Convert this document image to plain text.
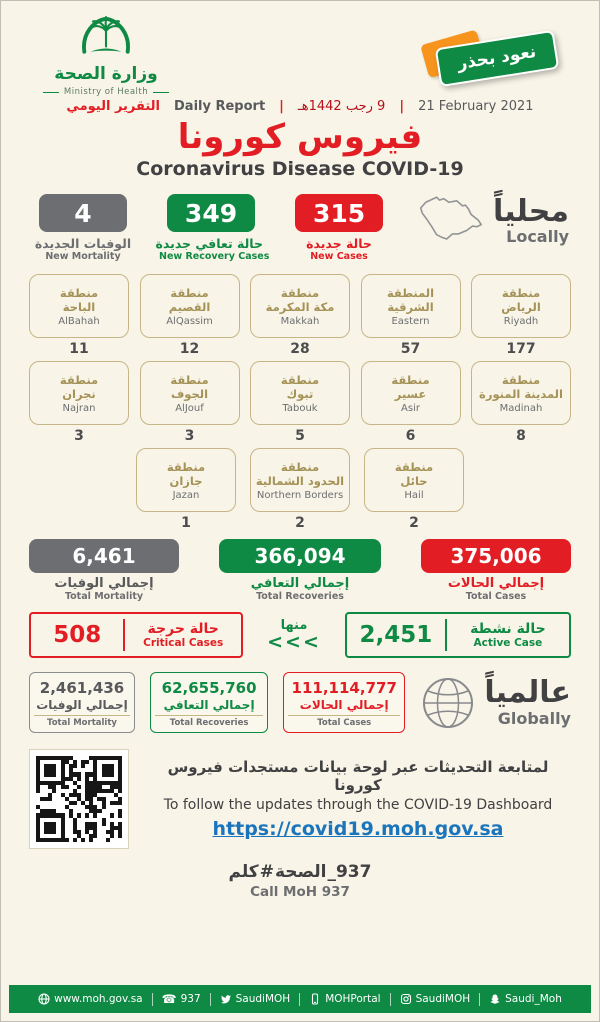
وزارة الصحة
Ministry of Health
نعود بحذر
التقرير اليومي Daily Report | 9 رجب 1442هـ | 21 February 2021
فيروس كورونا
Coronavirus Disease COVID-19
4
الوفيات الجديدة
New Mortality
349
حالة تعافي جديدة
New Recovery Cases
315
حالة جديدة
New Cases
محلياً
Locally
منطقة
الباحة
AlBahah
11
منطقة
القصيم
AlQassim
12
منطقة
مكة المكرمة
Makkah
28
المنطقة
الشرقية
Eastern
57
منطقة
الرياض
Riyadh
177
منطقة
نجران
Najran
3
منطقة
الجوف
AlJouf
3
منطقة
تبوك
Tabouk
5
منطقة
عسير
Asir
6
منطقة
المدينة المنورة
Madinah
8
منطقة
جازان
Jazan
1
منطقة
الحدود الشمالية
Northern Borders
2
منطقة
حائل
Hail
2
6,461
إجمالي الوفيات
Total Mortality
366,094
إجمالي التعافي
Total Recoveries
375,006
إجمالي الحالات
Total Cases
508	حالة حرجة
Critical Cases
منها
<<<	2,451	حالة نشطة
Active Case
2,461,436
إجمالي الوفيات
Total Mortality
62,655,760
إجمالي التعافي
Total Recoveries
111,114,777
إجمالي الحالات
Total Cases
عالمياً
Globally
لمتابعة التحديثات عبر لوحة بيانات مستجدات فيروس كورونا
To follow the updates through the COVID-19 Dashboard
https://covid19.moh.gov.sa
كلم # الصحة _937
Call MoH 937
www.moh.gov.sa ☎ 937	SaudiMOH	MOHPortal	SaudiMOH	Saudi_Moh
